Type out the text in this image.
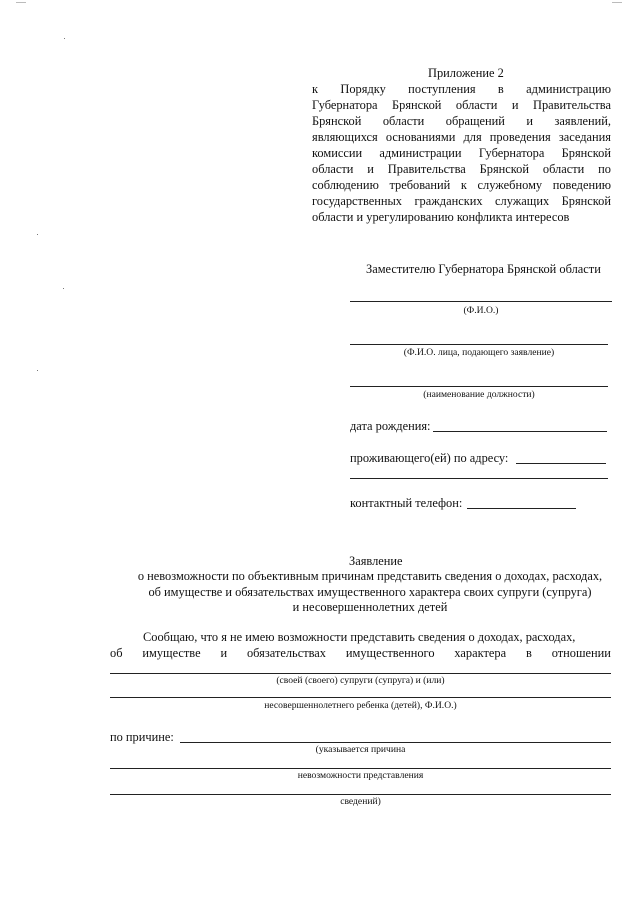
Приложение 2
к Порядку поступления в администрацию
Губернатора Брянской области и Правительства
Брянской области обращений и заявлений,
являющихся основаниями для проведения заседания
комиссии администрации Губернатора Брянской
области и Правительства Брянской области по
соблюдению требований к служебному поведению
государственных гражданских служащих Брянской
области и урегулированию конфликта интересов
Заместителю Губернатора Брянской области
(Ф.И.О.)
(Ф.И.О. лица, подающего заявление)
(наименование должности)
дата рождения:
проживающего(ей) по адресу:
контактный телефон:
Заявление
о невозможности по объективным причинам представить сведения о доходах, расходах,
об имуществе и обязательствах имущественного характера своих супруги (супруга)
и несовершеннолетних детей
Сообщаю, что я не имею возможности представить сведения о доходах, расходах,
об имуществе и обязательствах имущественного характера в отношении
(своей (своего) супруги (супруга) и (или)
несовершеннолетнего ребенка (детей), Ф.И.О.)
по причине:
(указывается причина
невозможности представления
сведений)
